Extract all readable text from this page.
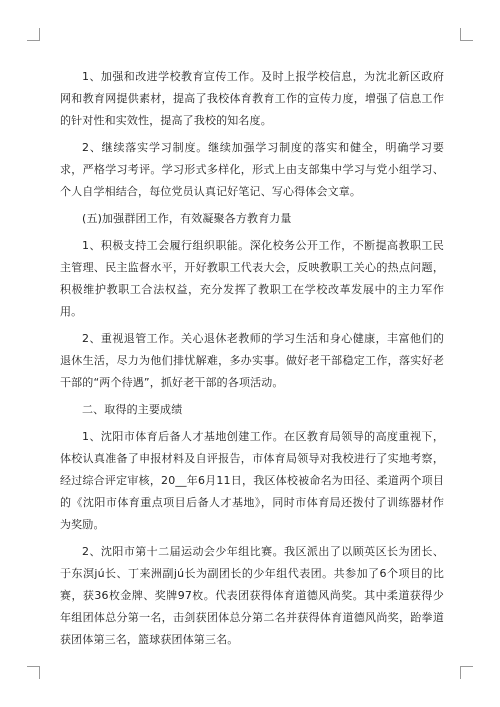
1、加强和改进学校教育宣传工作。及时上报学校信息，为沈北新区政府网和教育网提供素材，提高了我校体育教育工作的宣传力度，增强了信息工作的针对性和实效性，提高了我校的知名度。

2、继续落实学习制度。继续加强学习制度的落实和健全，明确学习要求，严格学习考评。学习形式多样化，形式上由支部集中学习与党小组学习、个人自学相结合，每位党员认真记好笔记、写心得体会文章。

(五)加强群团工作，有效凝聚各方教育力量

1、积极支持工会履行组织职能。深化校务公开工作，不断提高教职工民主管理、民主监督水平，开好教职工代表大会，反映教职工关心的热点问题，积极维护教职工合法权益，充分发挥了教职工在学校改革发展中的主力军作用。

2、重视退管工作。关心退休老教师的学习生活和身心健康，丰富他们的退休生活，尽力为他们排忧解难，多办实事。做好老干部稳定工作，落实好老干部的“两个待遇”，抓好老干部的各项活动。

二、取得的主要成绩

1、沈阳市体育后备人才基地创建工作。在区教育局领导的高度重视下，体校认真准备了申报材料及自评报告，市体育局领导对我校进行了实地考察，经过综合评定审核，20__年6月11日，我区体校被命名为田径、柔道两个项目的《沈阳市体育重点项目后备人才基地》，同时市体育局还拨付了训练器材作为奖励。

2、沈阳市第十二届运动会少年组比赛。我区派出了以顾英区长为团长、于东溟jú长、丁来洲副jú长为副团长的少年组代表团。共参加了6个项目的比赛，获36枚金牌、奖牌97枚。代表团获得体育道德风尚奖。其中柔道获得少年组团体总分第一名，击剑获团体总分第二名并获得体育道德风尚奖，跆拳道获团体第三名，篮球获团体第三名。
